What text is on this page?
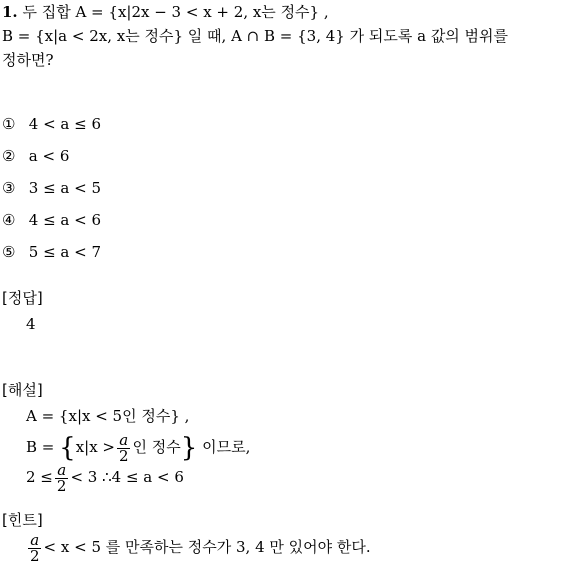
1. 두 집합 A = {x|2x − 3 < x + 2, x는 정수} ,
B = {x|a < 2x, x는 정수} 일 때, A ∩ B = {3, 4} 가 되도록 a 값의 범위를
정하면?
① 4 < a ≤ 6
② a < 6
③ 3 ≤ a < 5
④ 4 ≤ a < 6
⑤ 5 ≤ a < 7
[정답]
4
[해설]
A = {x|x < 5인 정수} ,
$B = \{x|x > \frac{a}{2}$ 인 정수} 이므로,
$2 \le \frac{a}{2} < 3$ ∴4 ≤ a < 6
[힌트]
$\frac{a}{2} < x < 5$ 를 만족하는 정수가 3, 4 만 있어야 한다.
